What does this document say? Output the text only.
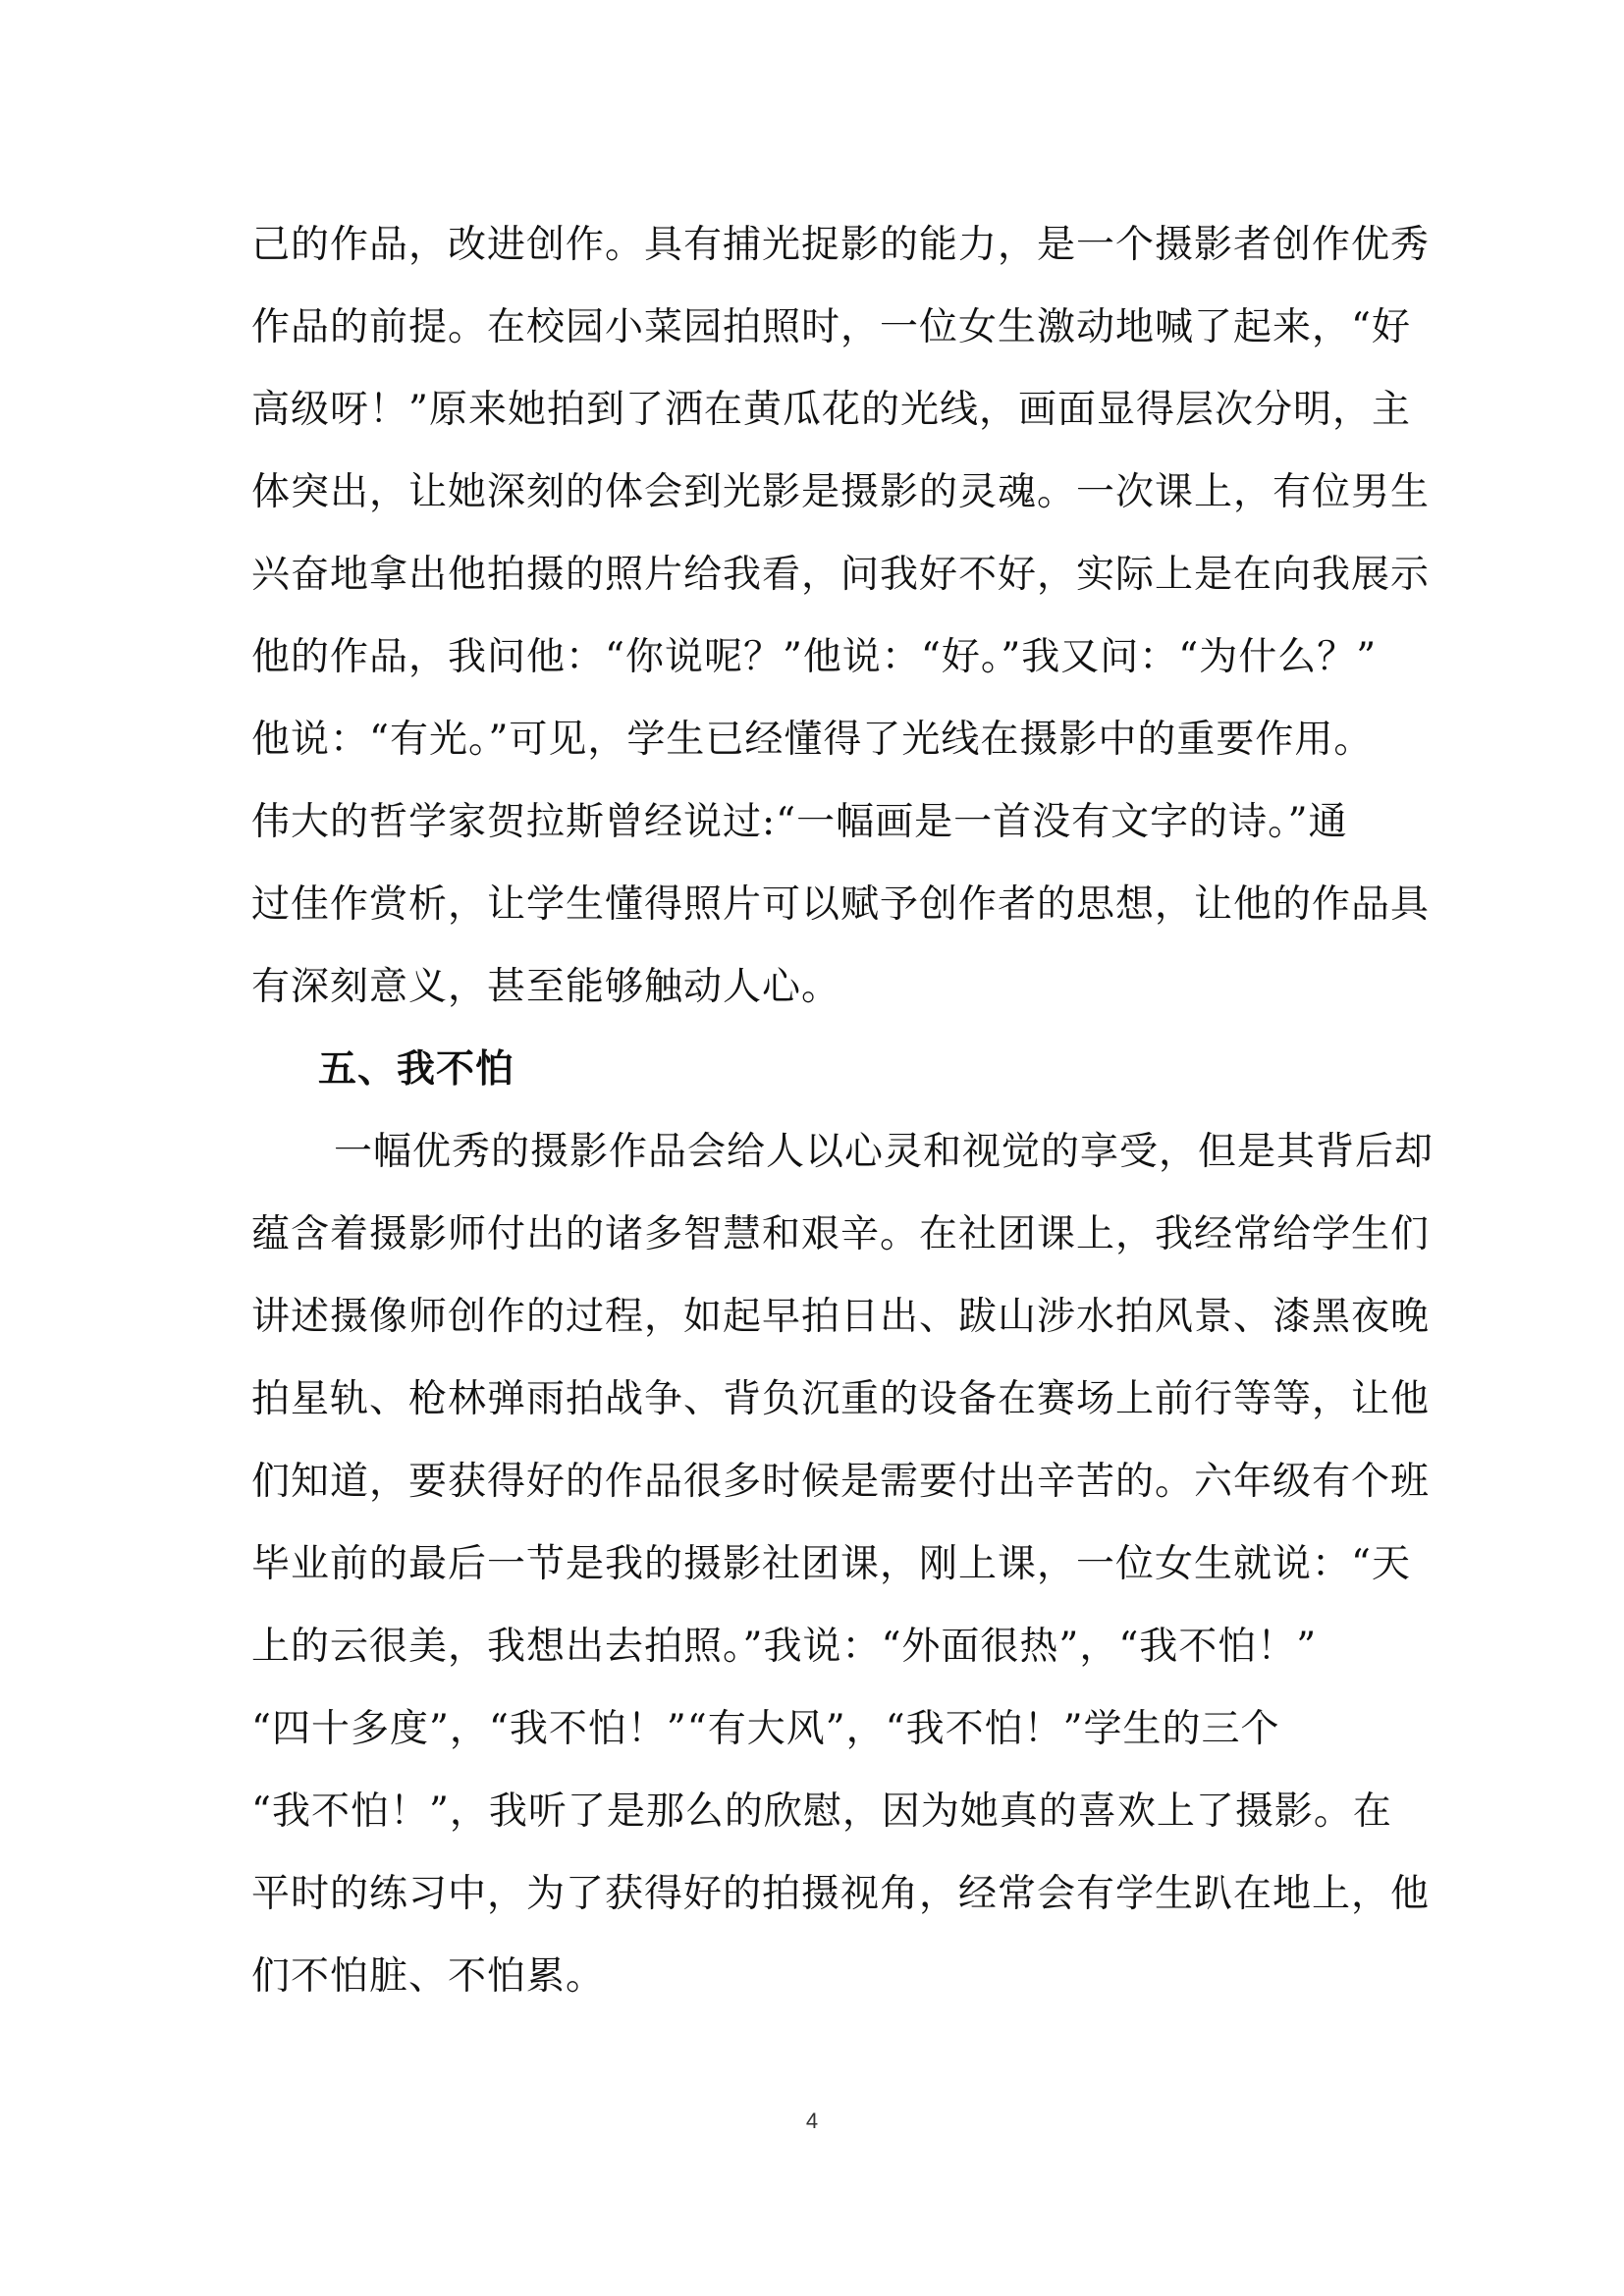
己的作品，改进创作。具有捕光捉影的能力，是一个摄影者创作优秀
作品的前提。在校园小菜园拍照时，一位女生激动地喊了起来，“好
高级呀！”原来她拍到了洒在黄瓜花的光线，画面显得层次分明，主
体突出，让她深刻的体会到光影是摄影的灵魂。一次课上，有位男生
兴奋地拿出他拍摄的照片给我看，问我好不好，实际上是在向我展示
他的作品，我问他：“你说呢？”他说：“好。”我又问：“为什么？”
他说：“有光。”可见，学生已经懂得了光线在摄影中的重要作用。
伟大的哲学家贺拉斯曾经说过:“一幅画是一首没有文字的诗。”通
过佳作赏析，让学生懂得照片可以赋予创作者的思想，让他的作品具
有深刻意义，甚至能够触动人心。
五、我不怕
一幅优秀的摄影作品会给人以心灵和视觉的享受，但是其背后却
蕴含着摄影师付出的诸多智慧和艰辛。在社团课上，我经常给学生们
讲述摄像师创作的过程，如起早拍日出、跋山涉水拍风景、漆黑夜晚
拍星轨、枪林弹雨拍战争、背负沉重的设备在赛场上前行等等，让他
们知道，要获得好的作品很多时候是需要付出辛苦的。六年级有个班
毕业前的最后一节是我的摄影社团课，刚上课，一位女生就说：“天
上的云很美，我想出去拍照。”我说：“外面很热”，“我不怕！”
“四十多度”，“我不怕！”“有大风”，“我不怕！”学生的三个
“我不怕！”，我听了是那么的欣慰，因为她真的喜欢上了摄影。在
平时的练习中，为了获得好的拍摄视角，经常会有学生趴在地上，他
们不怕脏、不怕累。
4
